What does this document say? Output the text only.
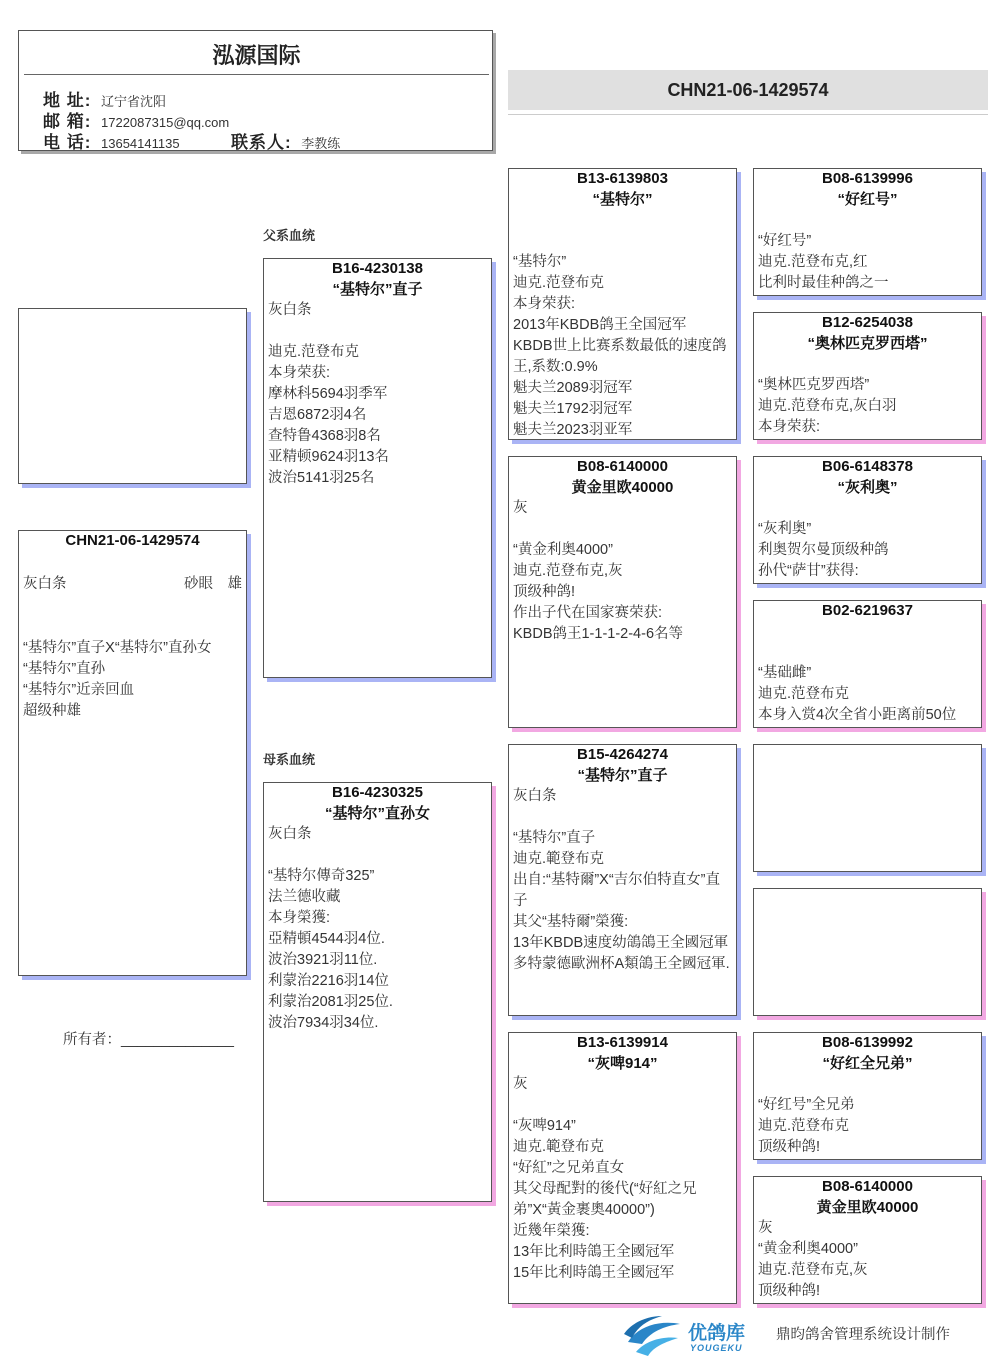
泓源国际
地 址: 辽宁省沈阳
邮 箱: 1722087315@qq.com
电 话: 13654141135	联系人: 李教练
CHN21-06-1429574
CHN21-06-1429574
灰白条	砂眼　雄
“基特尔”直子X“基特尔”直孙女
“基特尔”直孙
“基特尔”近亲回血
超级种雄
所有者：______________
父系血统
母系血统
B16-4230138
“基特尔”直子
灰白条

迪克.范登布克
本身荣获:
摩林科5694羽季军
吉恩6872羽4名
查特鲁4368羽8名
亚精顿9624羽13名
波治5141羽25名
B16-4230325
“基特尔”直孙女
灰白条

“基特尔傳奇325”
法兰德收藏
本身榮獲:
亞精頓4544羽4位.
波治3921羽11位.
利蒙治2216羽14位
利蒙治2081羽25位.
波治7934羽34位.
B13-6139803
“基特尔”

“基特尔”
迪克.范登布克
本身荣获:
2013年KBDB鸽王全国冠军
KBDB世上比赛系数最低的速度鸽王,系数:0.9%
魁夫兰2089羽冠军
魁夫兰1792羽冠军
魁夫兰2023羽亚军
B08-6140000
黄金里欧40000
灰

“黄金利奥4000”
迪克.范登布克,灰
顶级种鸽!
作出子代在国家赛荣获:
KBDB鸽王1-1-1-2-4-6名等
B15-4264274
“基特尔”直子
灰白条

“基特尔”直子
迪克.範登布克
出自:“基特爾”X“吉尔伯特直女”直子
其父“基特爾”榮獲:
13年KBDB速度幼鴿鴿王全國冠軍
多特蒙德歐洲杯A類鴿王全國冠軍.
B13-6139914
“灰啤914”
灰

“灰啤914”
迪克.範登布克
“好紅”之兄弟直女
其父母配對的後代(“好紅之兄弟”X“黃金裹奧40000”)
近幾年榮獲:
13年比利時鴿王全國冠军
15年比利時鴿王全國冠军
B08-6139996
“好红号”

“好红号”
迪克.范登布克,红
比利时最佳种鸽之一
B12-6254038
“奥林匹克罗西塔”

“奥林匹克罗西塔”
迪克.范登布克,灰白羽
本身荣获:
B06-6148378
“灰利奥”

“灰利奥”
利奥贺尔曼顶级种鸽
孙代“萨甘”获得:
B02-6219637

“基础雌”
迪克.范登布克
本身入赏4次全省小距离前50位
B08-6139992
“好红全兄弟”

“好红号”全兄弟
迪克.范登布克
顶级种鸽!
B08-6140000
黄金里欧40000
灰
“黄金利奥4000”
迪克.范登布克,灰
顶级种鸽!
优鸽库
YOUGEKU
鼎昀鸽舍管理系统设计制作
